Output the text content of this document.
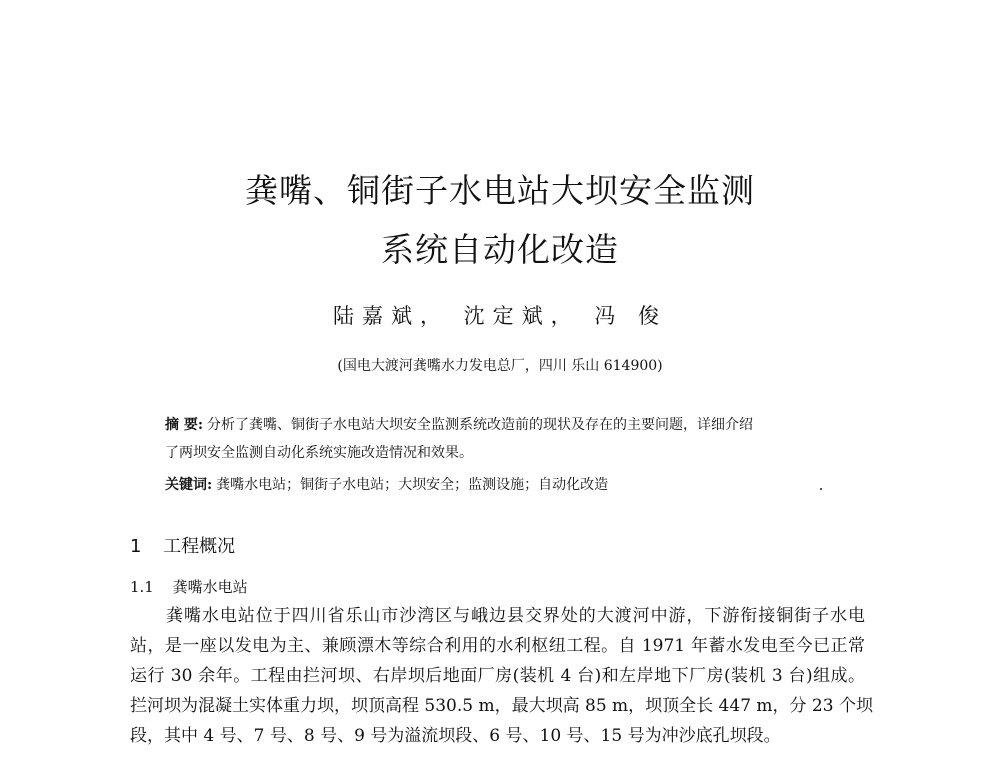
龚嘴、铜街子水电站大坝安全监测
系统自动化改造
陆嘉斌， 沈定斌， 冯 俊
(国电大渡河龚嘴水力发电总厂，四川 乐山 614900)
摘 要: 分析了龚嘴、铜街子水电站大坝安全监测系统改造前的现状及存在的主要问题，详细介绍
了两坝安全监测自动化系统实施改造情况和效果。
关键词: 龚嘴水电站；铜街子水电站；大坝安全；监测设施；自动化改造
1 工程概况
1.1 龚嘴水电站
龚嘴水电站位于四川省乐山市沙湾区与峨边县交界处的大渡河中游，下游衔接铜街子水电
站，是一座以发电为主、兼顾漂木等综合利用的水利枢纽工程。自 1971 年蓄水发电至今已正常
运行 30 余年。工程由拦河坝、右岸坝后地面厂房(装机 4 台)和左岸地下厂房(装机 3 台)组成。
拦河坝为混凝土实体重力坝，坝顶高程 530.5 m，最大坝高 85 m，坝顶全长 447 m，分 23 个坝
段，其中 4 号、7 号、8 号、9 号为溢流坝段、6 号、10 号、15 号为冲沙底孔坝段。
